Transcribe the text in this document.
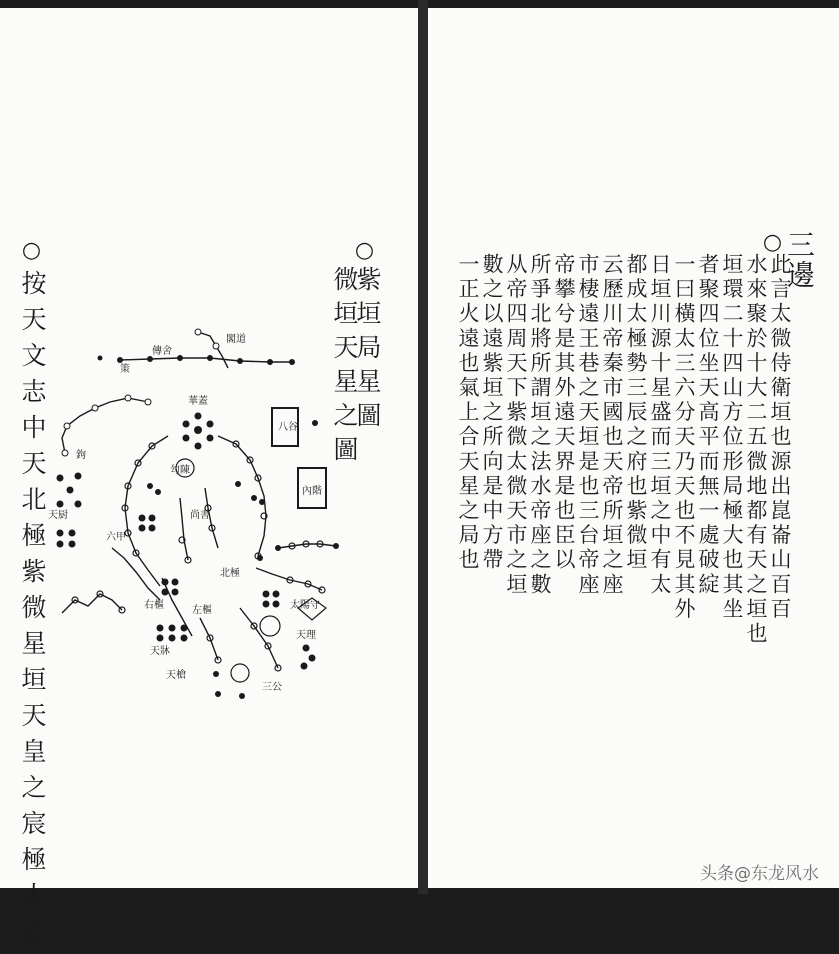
○
紫垣局星圖
微垣天星之圖
○
按天文志中天北極紫微星垣天皇之宸極太乙	傳舍
閣道
策
八谷
鉤
華蓋
內階
天厨
六甲
右樞	左樞
天牀
勾陳
尚書
北極
三公
天理
天槍
太陽守
○
三邊
此言太微侍衛垣也源出崑崙山百百
水來聚於十大二五微地都有天之垣也
垣環二十四山方位形局極大也其坐
者聚四位坐天高平而無一處破綻
一曰橫太三六分天乃天也不見其外
日垣川源十星盛而三垣之中有太
都成太極勢三辰之府也紫微垣
云歷川帝秦市國也天帝所垣之座
市棲遠王巷之天垣是也三台帝座
帝攀兮是其外遠天界是也臣以
所爭北將所謂垣之法水帝座之數
从帝四周天下紫微太微天市之垣
數之以遠紫垣之所向是中方帶
一正火遠也氣上合天星之局也
头条@东龙风水
